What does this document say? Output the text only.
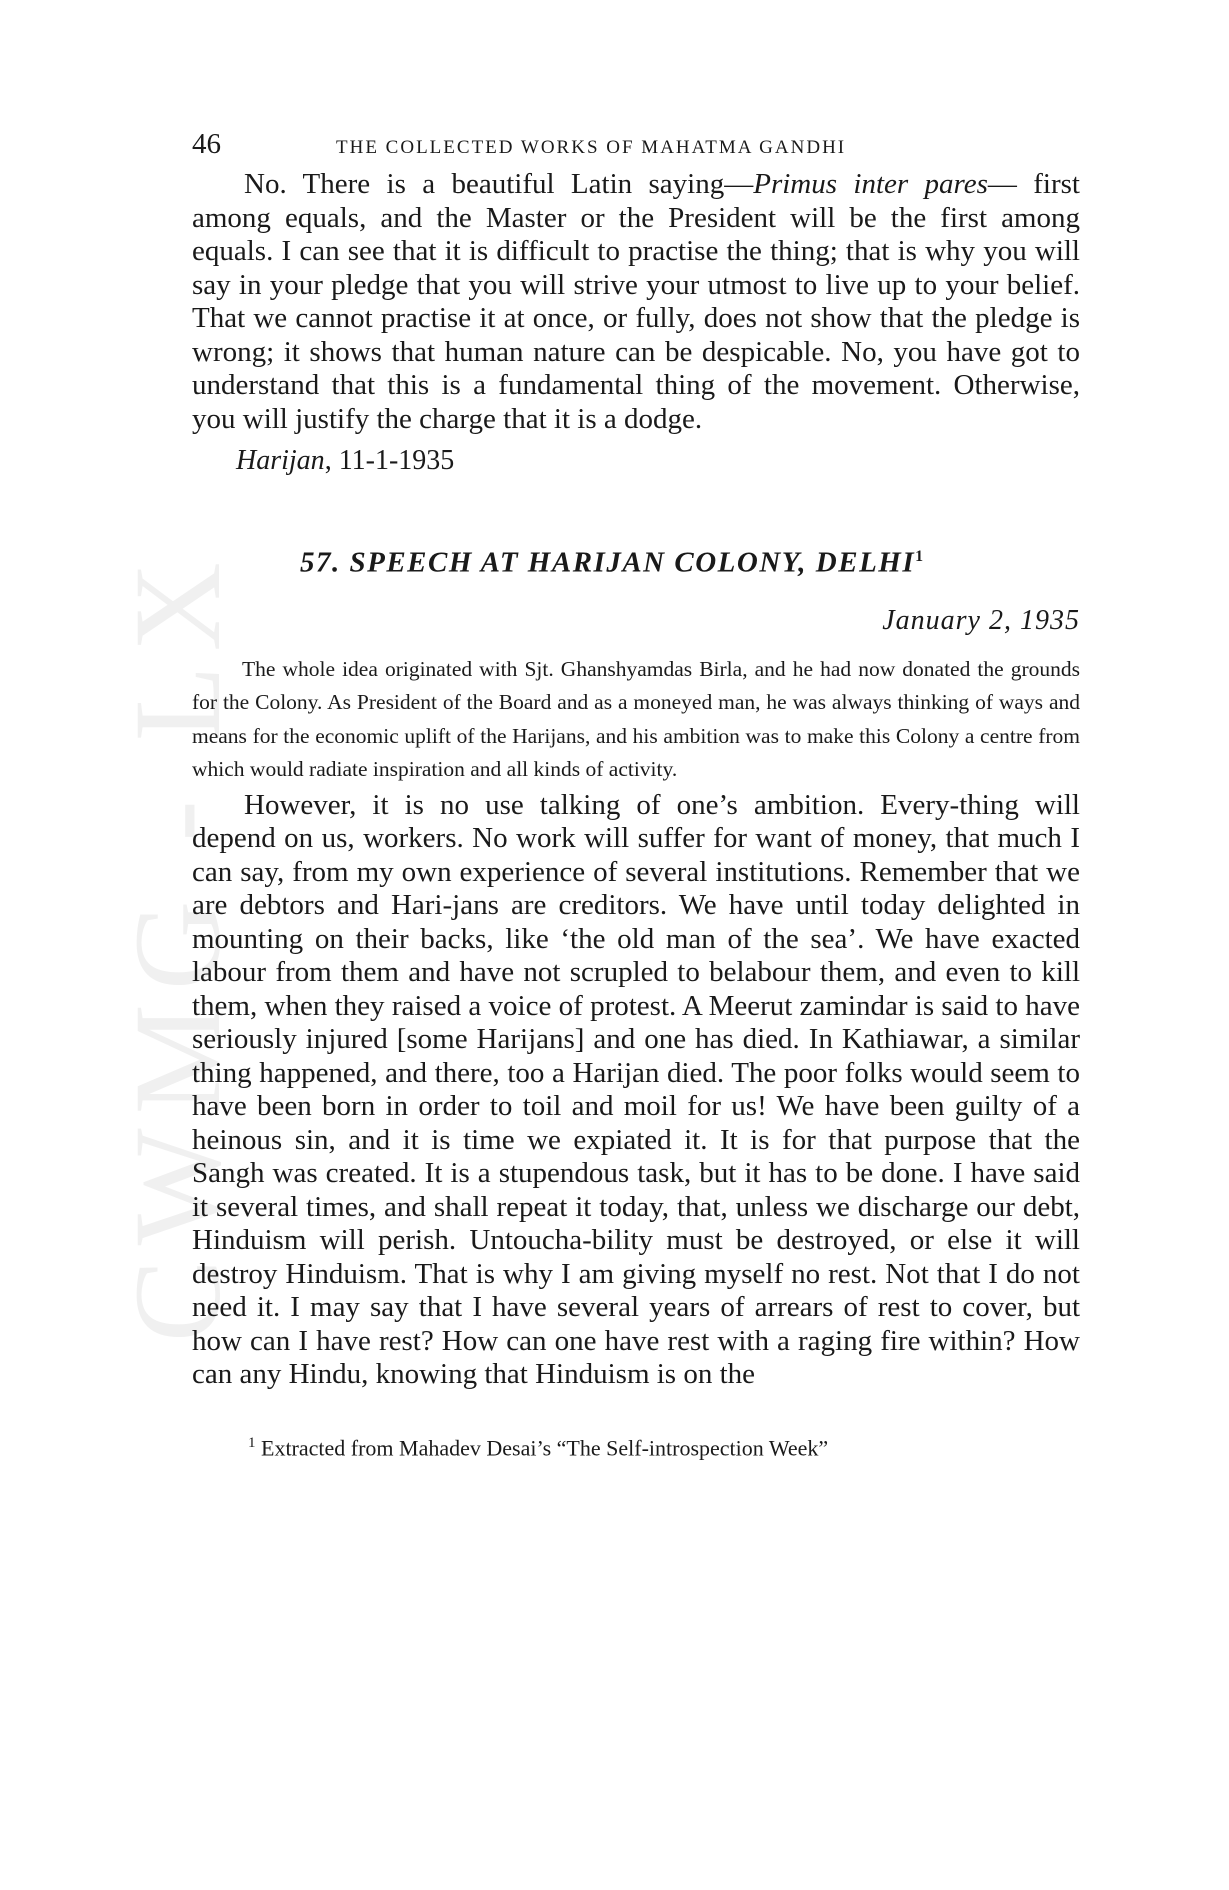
CWMG - LX
46	THE COLLECTED WORKS OF MAHATMA GANDHI

No. There is a beautiful Latin saying—Primus inter pares— first among equals, and the Master or the President will be the first among equals. I can see that it is difficult to practise the thing; that is why you will say in your pledge that you will strive your utmost to live up to your belief. That we cannot practise it at once, or fully, does not show that the pledge is wrong; it shows that human nature can be despicable. No, you have got to understand that this is a fundamental thing of the movement. Otherwise, you will justify the charge that it is a dodge.

Harijan, 11-1-1935

57. SPEECH AT HARIJAN COLONY, DELHI$^1$

January 2, 1935

The whole idea originated with Sjt. Ghanshyamdas Birla, and he had now donated the grounds for the Colony. As President of the Board and as a moneyed man, he was always thinking of ways and means for the economic uplift of the Harijans, and his ambition was to make this Colony a centre from which would radiate inspiration and all kinds of activity.

However, it is no use talking of one’s ambition. Every-thing will depend on us, workers. No work will suffer for want of money, that much I can say, from my own experience of several institutions. Remember that we are debtors and Hari-jans are creditors. We have until today delighted in mounting on their backs, like ‘the old man of the sea’. We have exacted labour from them and have not scrupled to belabour them, and even to kill them, when they raised a voice of protest. A Meerut zamindar is said to have seriously injured [some Harijans] and one has died. In Kathiawar, a similar thing happened, and there, too a Harijan died. The poor folks would seem to have been born in order to toil and moil for us! We have been guilty of a heinous sin, and it is time we expiated it. It is for that purpose that the Sangh was created. It is a stupendous task, but it has to be done. I have said it several times, and shall repeat it today, that, unless we discharge our debt, Hinduism will perish. Untoucha-bility must be destroyed, or else it will destroy Hinduism. That is why I am giving myself no rest. Not that I do not need it. I may say that I have several years of arrears of rest to cover, but how can I have rest? How can one have rest with a raging fire within? How can any Hindu, knowing that Hinduism is on the

$^1$ Extracted from Mahadev Desai’s “The Self-introspection Week”
